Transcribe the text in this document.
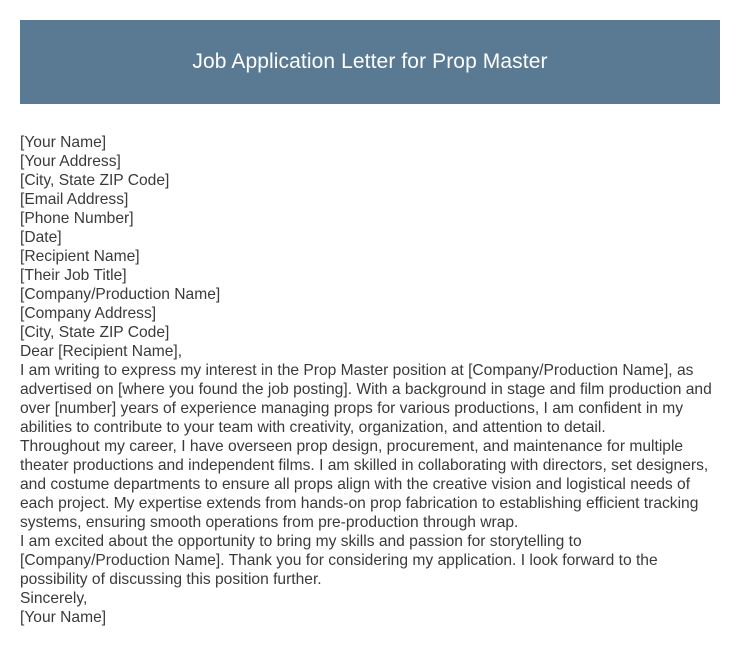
Job Application Letter for Prop Master

[Your Name]

[Your Address]

[City, State ZIP Code]

[Email Address]

[Phone Number]

[Date]

[Recipient Name]

[Their Job Title]

[Company/Production Name]

[Company Address]

[City, State ZIP Code]

Dear [Recipient Name],

I am writing to express my interest in the Prop Master position at [Company/Production Name], as advertised on [where you found the job posting]. With a background in stage and film production and over [number] years of experience managing props for various productions, I am confident in my abilities to contribute to your team with creativity, organization, and attention to detail.

Throughout my career, I have overseen prop design, procurement, and maintenance for multiple theater productions and independent films. I am skilled in collaborating with directors, set designers, and costume departments to ensure all props align with the creative vision and logistical needs of each project. My expertise extends from hands-on prop fabrication to establishing efficient tracking systems, ensuring smooth operations from pre-production through wrap.

I am excited about the opportunity to bring my skills and passion for storytelling to [Company/Production Name]. Thank you for considering my application. I look forward to the possibility of discussing this position further.

Sincerely,

[Your Name]
